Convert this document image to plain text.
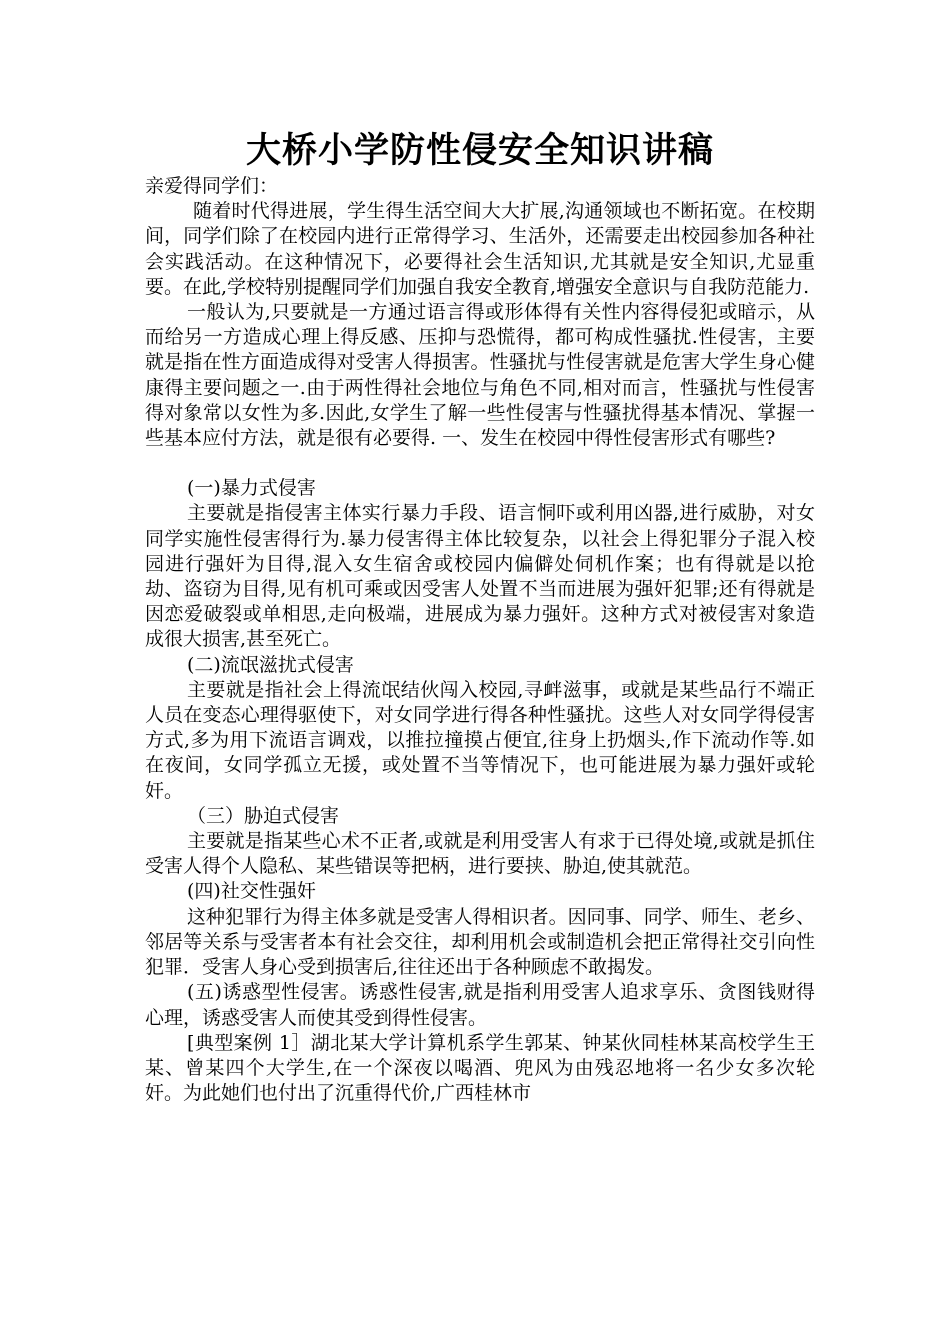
大桥小学防性侵安全知识讲稿

亲爱得同学们：

随着时代得进展，学生得生活空间大大扩展,沟通领域也不断拓宽。在校期间，同学们除了在校园内进行正常得学习、生活外，还需要走出校园参加各种社会实践活动。在这种情况下，必要得社会生活知识,尤其就是安全知识,尤显重要。在此,学校特别提醒同学们加强自我安全教育,增强安全意识与自我防范能力.

一般认为,只要就是一方通过语言得或形体得有关性内容得侵犯或暗示，从而给另一方造成心理上得反感、压抑与恐慌得，都可构成性骚扰.性侵害，主要就是指在性方面造成得对受害人得损害。性骚扰与性侵害就是危害大学生身心健康得主要问题之一.由于两性得社会地位与角色不同,相对而言，性骚扰与性侵害得对象常以女性为多.因此,女学生了解一些性侵害与性骚扰得基本情况、掌握一些基本应付方法，就是很有必要得. 一、发生在校园中得性侵害形式有哪些?

(一)暴力式侵害

主要就是指侵害主体实行暴力手段、语言恫吓或利用凶器,进行威胁，对女同学实施性侵害得行为.暴力侵害得主体比较复杂，以社会上得犯罪分子混入校园进行强奸为目得,混入女生宿舍或校园内偏僻处伺机作案；也有得就是以抢劫、盗窃为目得,见有机可乘或因受害人处置不当而进展为强奸犯罪;还有得就是因恋爱破裂或单相思,走向极端，进展成为暴力强奸。这种方式对被侵害对象造成很大损害,甚至死亡。

(二)流氓滋扰式侵害

主要就是指社会上得流氓结伙闯入校园,寻衅滋事，或就是某些品行不端正人员在变态心理得驱使下，对女同学进行得各种性骚扰。这些人对女同学得侵害方式,多为用下流语言调戏，以推拉撞摸占便宜,往身上扔烟头,作下流动作等.如在夜间，女同学孤立无援，或处置不当等情况下，也可能进展为暴力强奸或轮奸。

（三）胁迫式侵害

主要就是指某些心术不正者,或就是利用受害人有求于已得处境,或就是抓住受害人得个人隐私、某些错误等把柄，进行要挟、胁迫,使其就范。

(四)社交性强奸

这种犯罪行为得主体多就是受害人得相识者。因同事、同学、师生、老乡、邻居等关系与受害者本有社会交往，却利用机会或制造机会把正常得社交引向性犯罪．受害人身心受到损害后,往往还出于各种顾虑不敢揭发。

(五)诱惑型性侵害。诱惑性侵害,就是指利用受害人追求享乐、贪图钱财得心理，诱惑受害人而使其受到得性侵害。

[典型案例 1］湖北某大学计算机系学生郭某、钟某伙同桂林某高校学生王某、曾某四个大学生,在一个深夜以喝酒、兜风为由残忍地将一名少女多次轮奸。为此她们也付出了沉重得代价,广西桂林市
